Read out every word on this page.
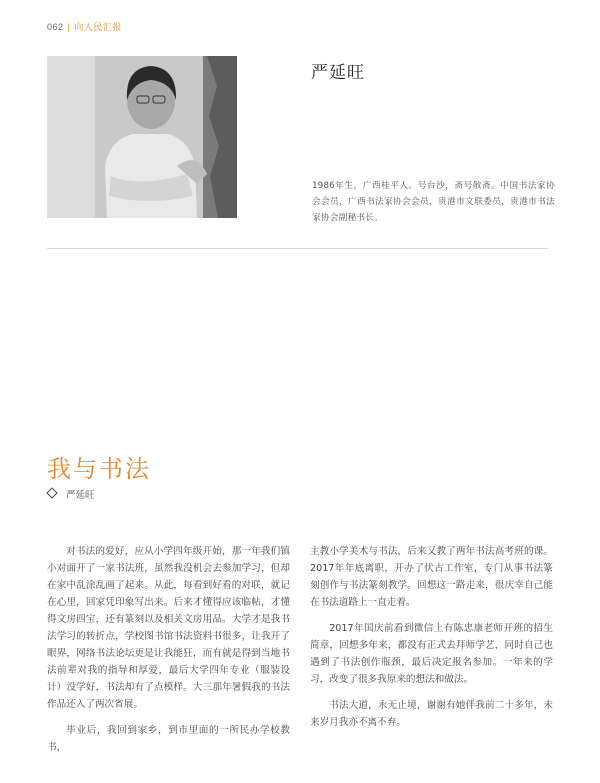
062 | 向人民汇报
严延旺
1986年生，广西桂平人。号台沙，斋号散斋。中国书法家协会会员，广西书法家协会会员，贵港市文联委员，贵港市书法家协会副秘书长。
我与书法
严延旺

对书法的爱好，应从小学四年级开始，那一年我们镇小对面开了一家书法班，虽然我没机会去参加学习，但却在家中乱涂乱画了起来。从此，每看到好看的对联，就记在心里，回家凭印象写出来。后来才懂得应该临帖，才懂得文房四宝，还有篆刻以及相关文房用品。大学才是我书法学习的转折点，学校图书馆书法资料书很多，让我开了眼界，网络书法论坛更是让我能狂，而有就是得到当地书法前辈对我的指导和厚爱，最后大学四年专业（服装设计）没学好，书法却有了点模样。大三那年暑假我的书法作品还入了两次省展。

毕业后，我回到家乡，到市里面的一所民办学校教书，

主教小学美术与书法，后来又教了两年书法高考班的课。2017年年底离职，开办了伏古工作室，专门从事书法篆刻创作与书法篆刻教学。回想这一路走来，很庆幸自己能在书法道路上一直走着。

2017年国庆前看到微信上有陈忠康老师开班的招生简章，回想多年来，都没有正式去拜师学艺，同时自己也遇到了书法创作瓶颈，最后决定报名参加。一年来的学习，改变了很多我原来的想法和做法。

书法大道，永无止境，谢谢有她伴我前二十多年，未来岁月我亦不离不弃。
